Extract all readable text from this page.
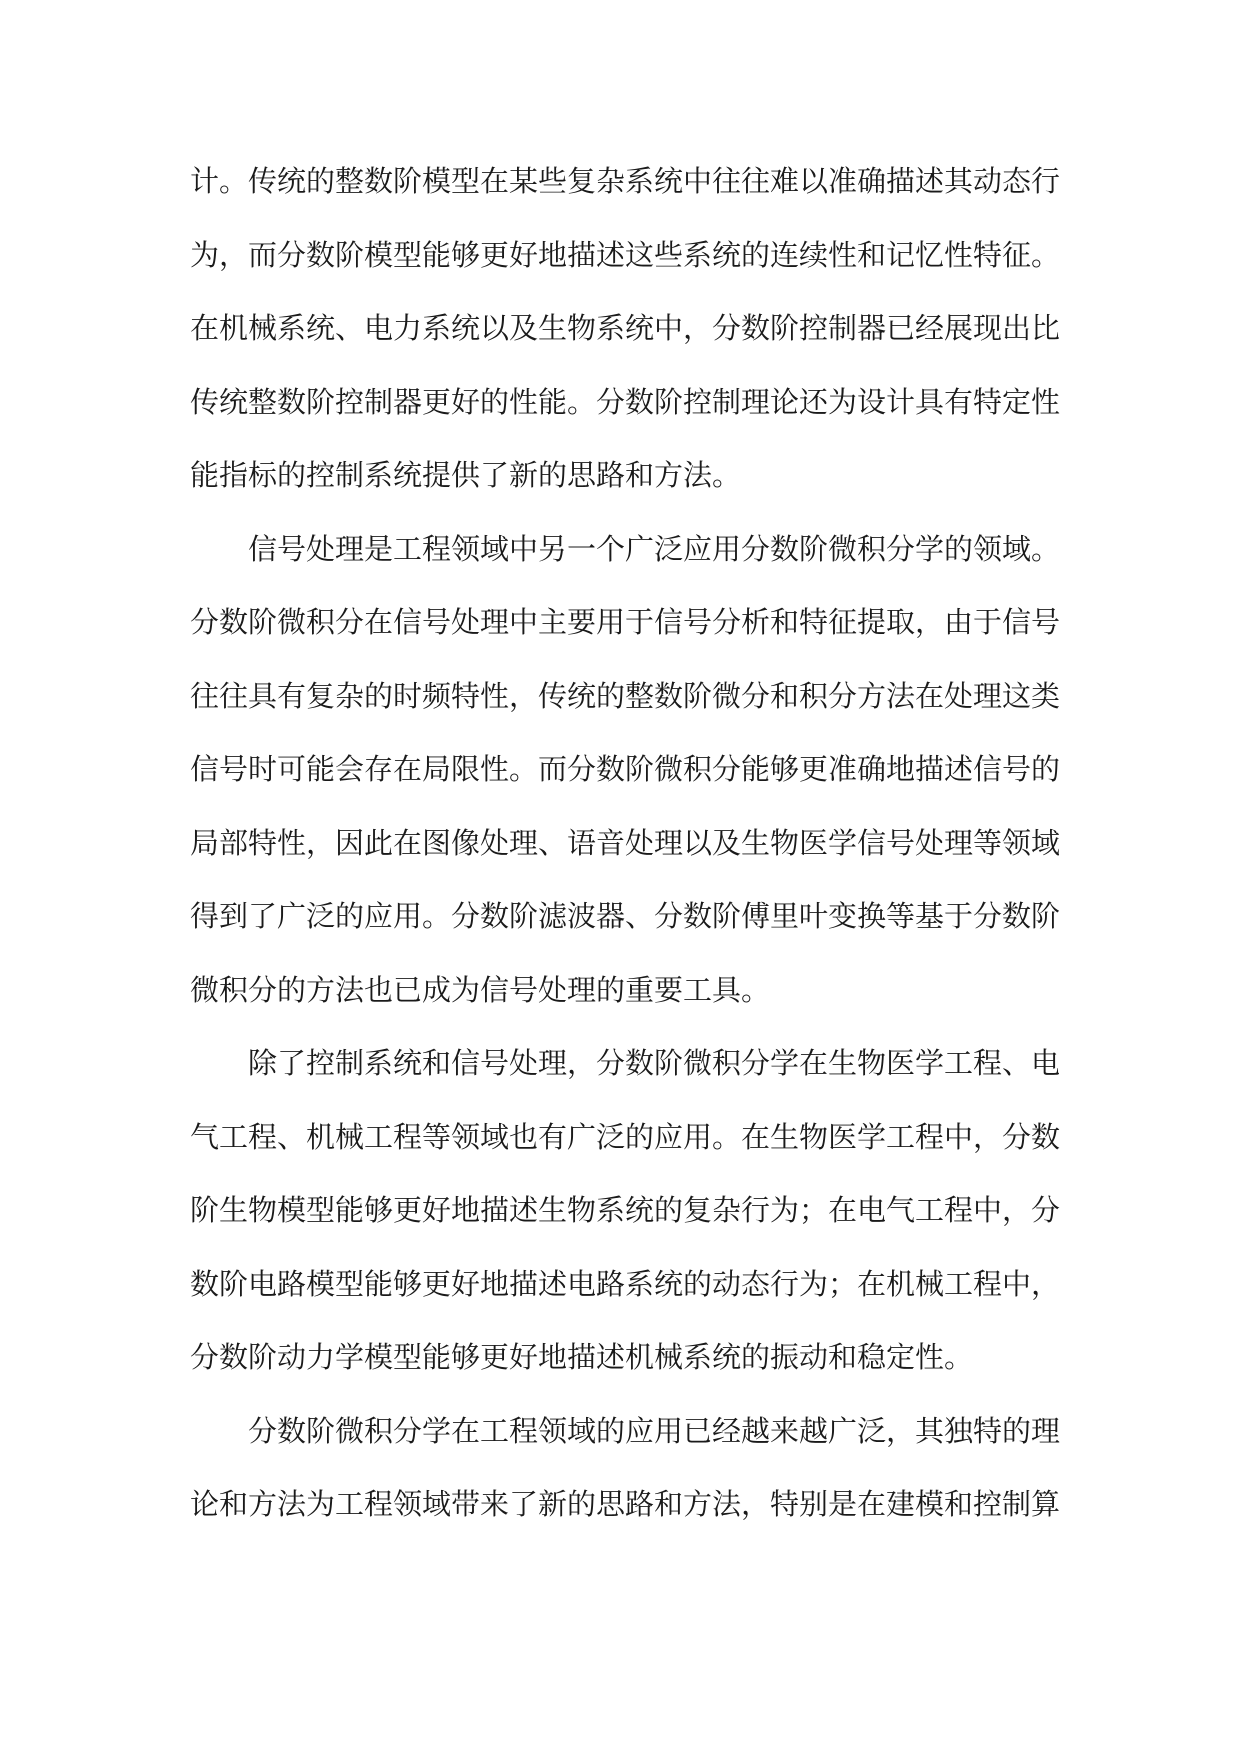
计。传统的整数阶模型在某些复杂系统中往往难以准确描述其动态行
为，而分数阶模型能够更好地描述这些系统的连续性和记忆性特征。
在机械系统、电力系统以及生物系统中，分数阶控制器已经展现出比
传统整数阶控制器更好的性能。分数阶控制理论还为设计具有特定性
能指标的控制系统提供了新的思路和方法。
信号处理是工程领域中另一个广泛应用分数阶微积分学的领域。
分数阶微积分在信号处理中主要用于信号分析和特征提取，由于信号
往往具有复杂的时频特性，传统的整数阶微分和积分方法在处理这类
信号时可能会存在局限性。而分数阶微积分能够更准确地描述信号的
局部特性，因此在图像处理、语音处理以及生物医学信号处理等领域
得到了广泛的应用。分数阶滤波器、分数阶傅里叶变换等基于分数阶
微积分的方法也已成为信号处理的重要工具。
除了控制系统和信号处理，分数阶微积分学在生物医学工程、电
气工程、机械工程等领域也有广泛的应用。在生物医学工程中，分数
阶生物模型能够更好地描述生物系统的复杂行为；在电气工程中，分
数阶电路模型能够更好地描述电路系统的动态行为；在机械工程中，
分数阶动力学模型能够更好地描述机械系统的振动和稳定性。
分数阶微积分学在工程领域的应用已经越来越广泛，其独特的理
论和方法为工程领域带来了新的思路和方法，特别是在建模和控制算
